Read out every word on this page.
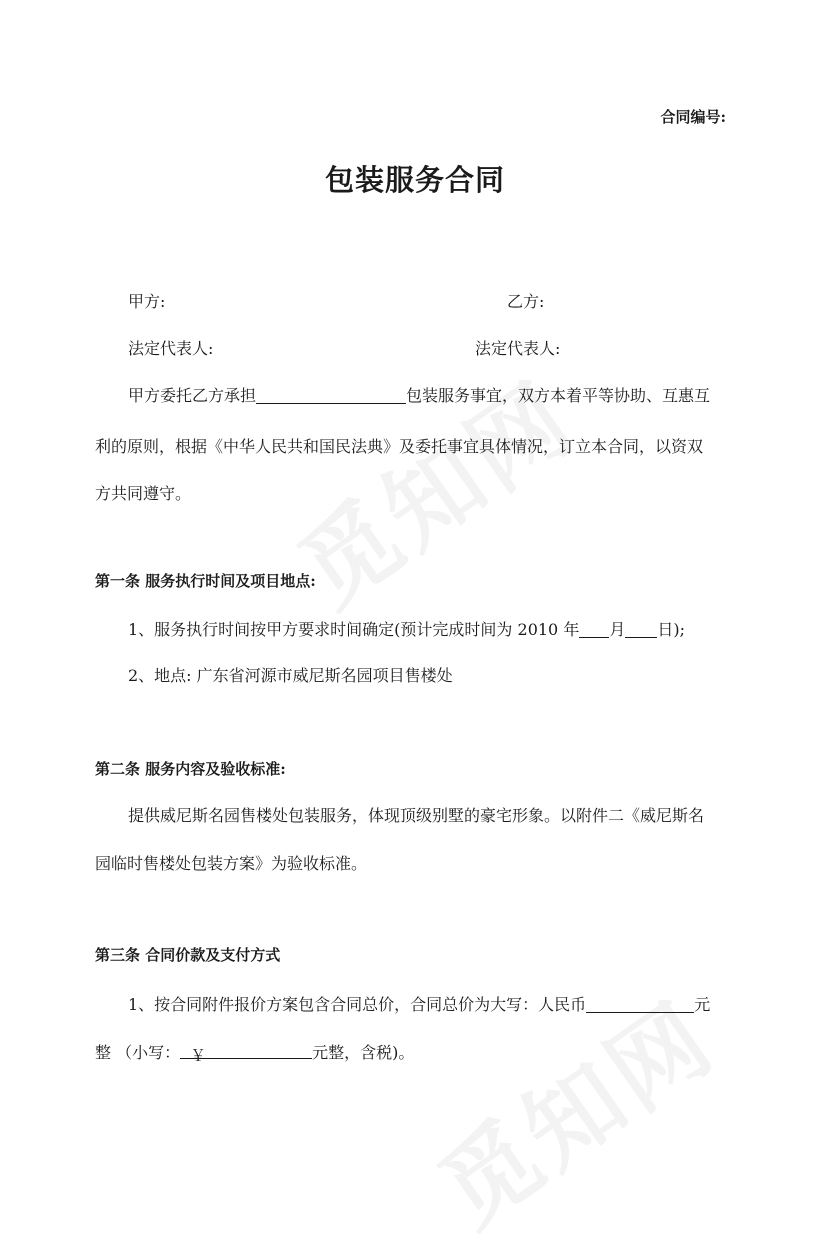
合同编号:
包装服务合同
甲方:	乙方:
法定代表人:	法定代表人:
甲方委托乙方承担	包装服务事宜，双方本着平等协助、互惠互
利的原则，根据《中华人民共和国民法典》及委托事宜具体情况，订立本合同，以资双
方共同遵守。
第一条 服务执行时间及项目地点:
1、服务执行时间按甲方要求时间确定(预计完成时间为 2010 年 月 日);
2、地点: 广东省河源市威尼斯名园项目售楼处
第二条 服务内容及验收标准:
提供威尼斯名园售楼处包装服务，体现顶级别墅的豪宅形象。以附件二《威尼斯名
园临时售楼处包装方案》为验收标准。
第三条 合同价款及支付方式
1、按合同附件报价方案包含合同总价，合同总价为大写：人民币	元
整 （小写： ￥	元整，含税)。
